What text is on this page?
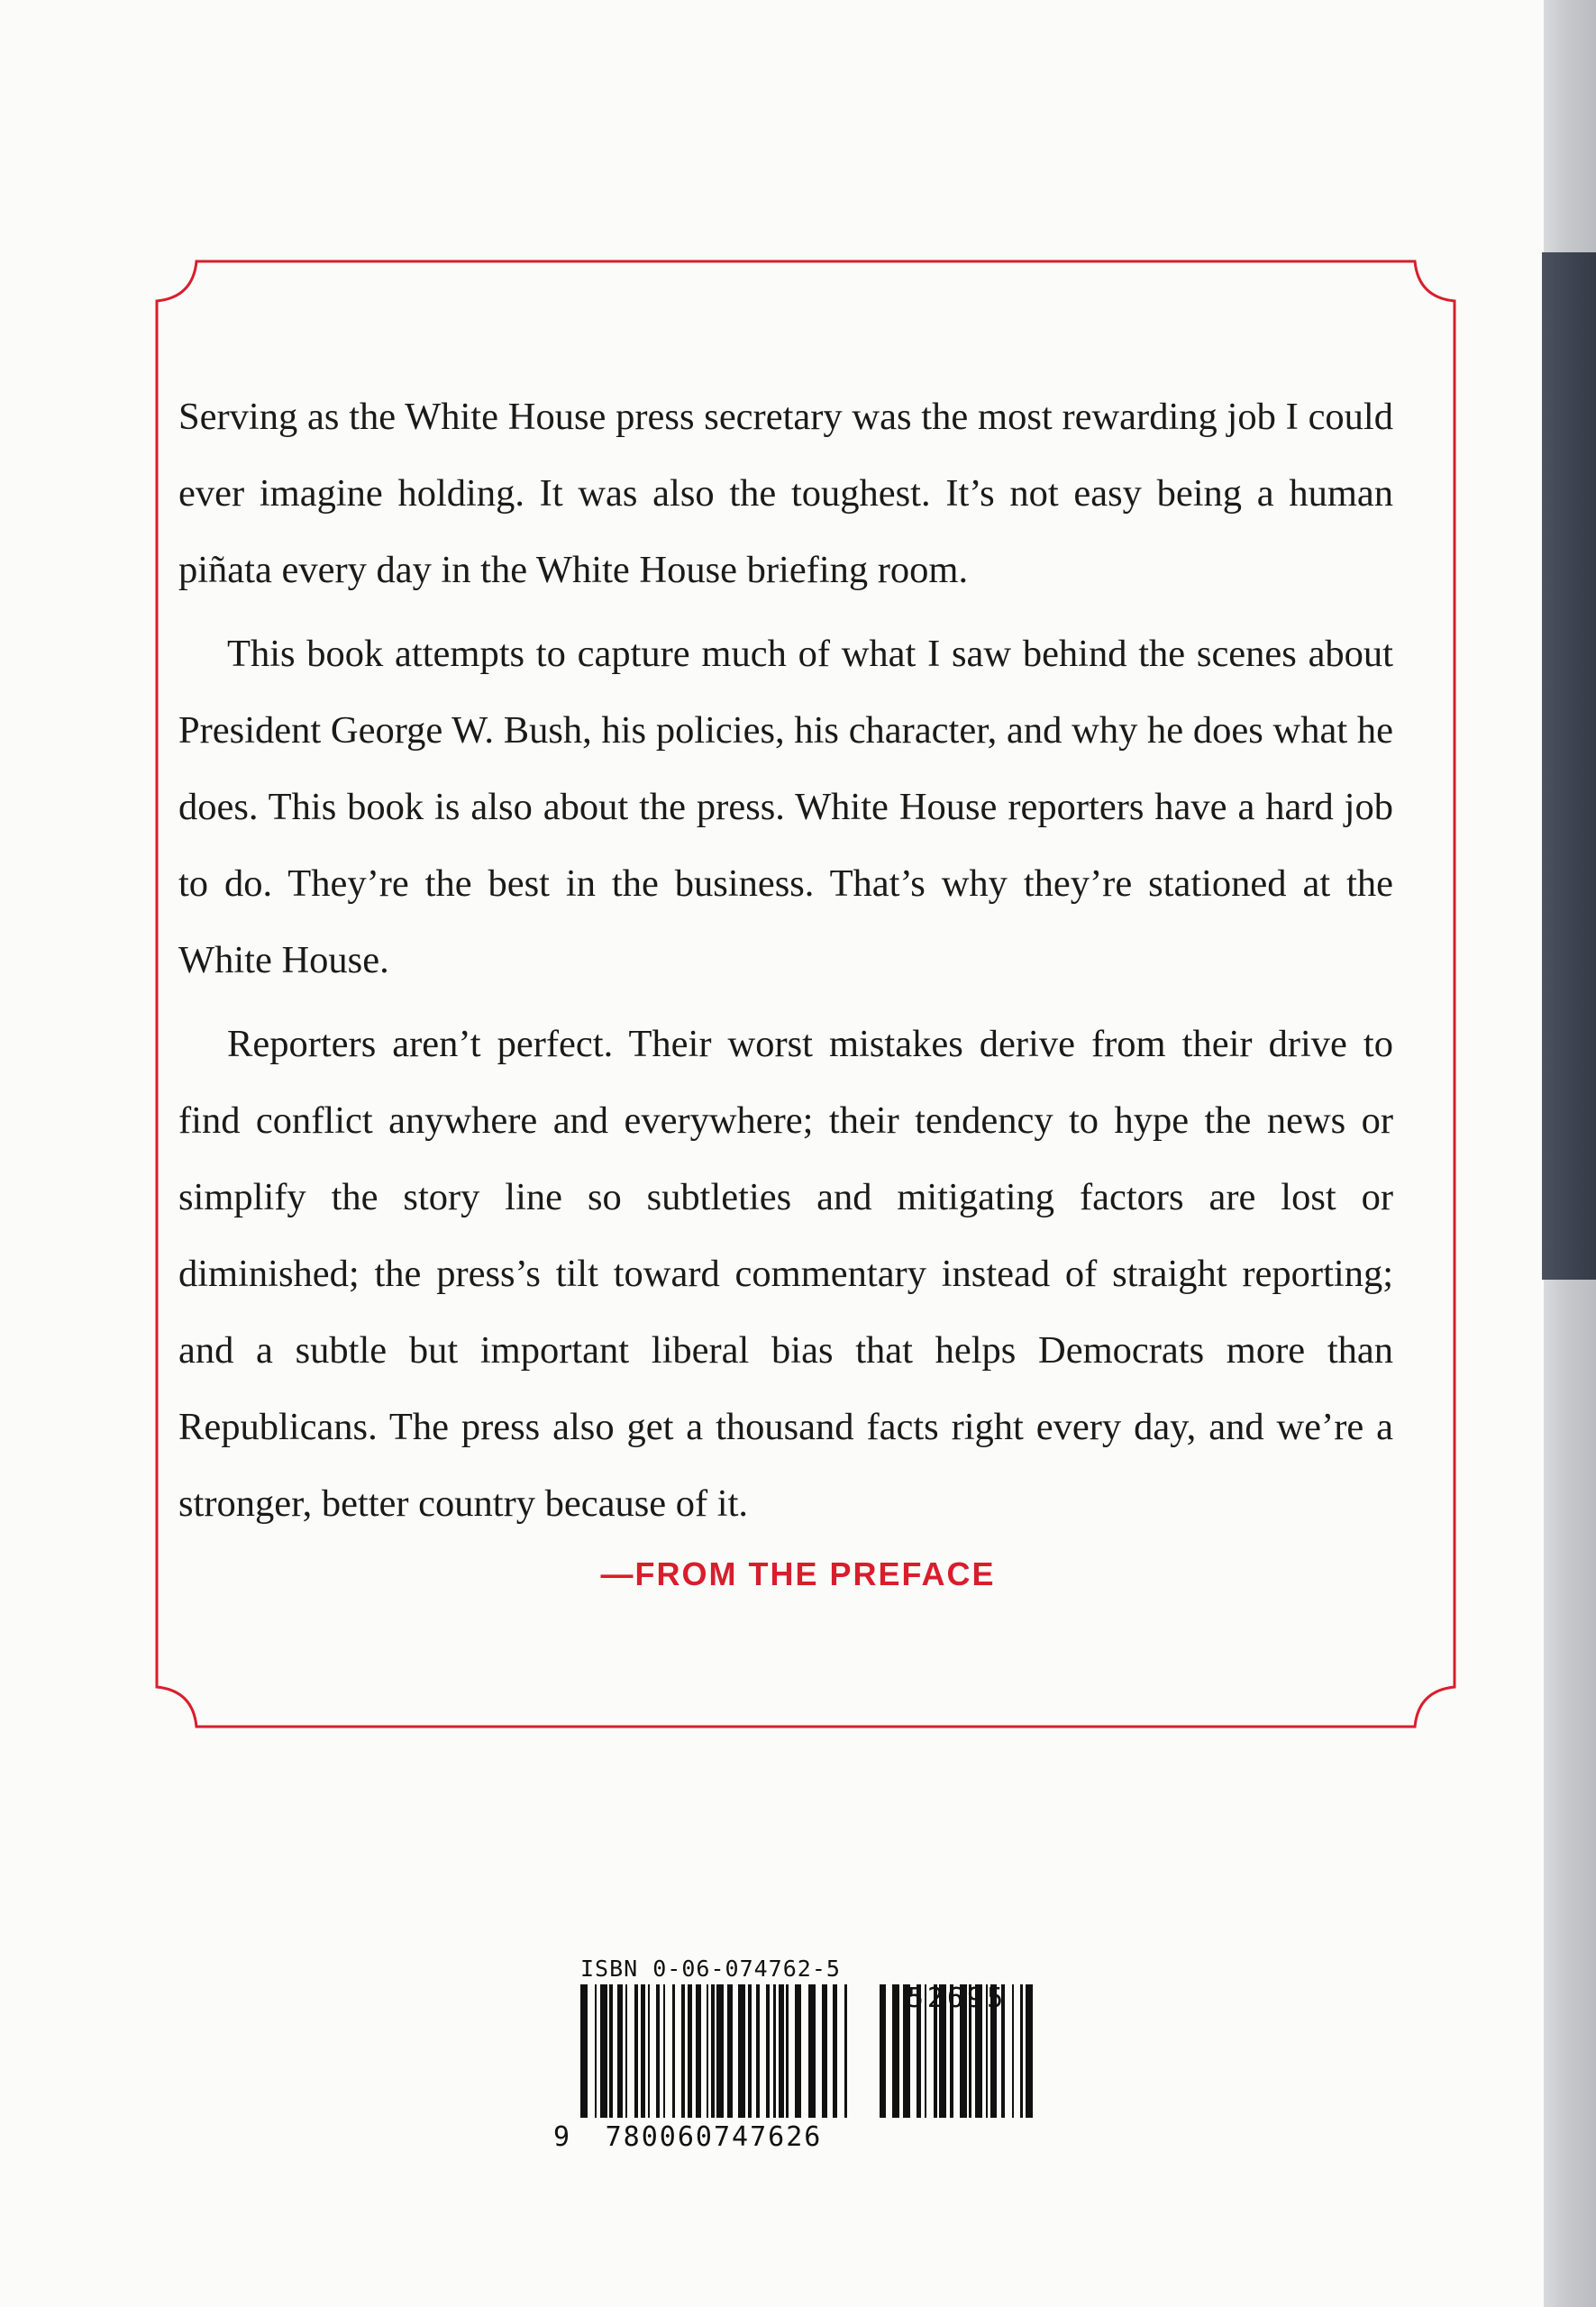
Serving as the White House press secretary was the most rewarding job I could ever imagine holding. It was also the toughest. It’s not easy being a human piñata every day in the White House briefing room.

This book attempts to capture much of what I saw behind the scenes about President George W. Bush, his policies, his character, and why he does what he does. This book is also about the press. White House reporters have a hard job to do. They’re the best in the business. That’s why they’re stationed at the White House.

Reporters aren’t perfect. Their worst mistakes derive from their drive to find conflict anywhere and everywhere; their tendency to hype the news or simplify the story line so subtleties and mitigating factors are lost or diminished; the press’s tilt toward commentary instead of straight reporting; and a subtle but important liberal bias that helps Democrats more than Republicans. The press also get a thousand facts right every day, and we’re a stronger, better country because of it.

—FROM THE PREFACE
ISBN 0-06-074762-5
9	780060747626
52695
